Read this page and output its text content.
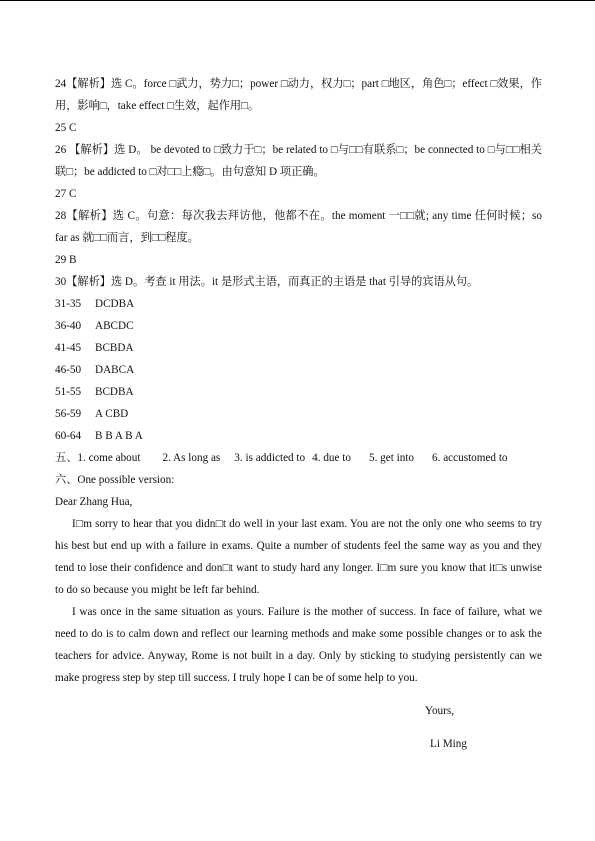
24【解析】选 C。force □武力，势力□；power □动力，权力□；part □地区，角色□；effect □效果，作用，影响□，take effect □生效，起作用□。

25 C

26 【解析】选 D。 be devoted to □致力于□；be related to □与□□有联系□；be connected to □与□□相关联□；be addicted to □对□□上瘾□。由句意知 D 项正确。

27 C

28【解析】选 C。句意：每次我去拜访他，他都不在。the moment 一□□就; any time 任何时候；so far as 就□□而言，到□□程度。

29 B

30【解析】选 D。考查 it 用法。it 是形式主语，而真正的主语是 that 引导的宾语从句。

31-35	DCDBA
36-40	ABCDC
41-45	BCBDA
46-50	DABCA
51-55	BCDBA
56-59	A CBD
60-64	B B A B A
五、 1. come about 2. As long as 3. is addicted to 4. due to 5. get into 6. accustomed to

六、One possible version:

Dear Zhang Hua,

I□m sorry to hear that you didn□t do well in your last exam. You are not the only one who seems to try his best but end up with a failure in exams. Quite a number of students feel the same way as you and they tend to lose their confidence and don□t want to study hard any longer. I□m sure you know that it□s unwise to do so because you might be left far behind.

I was once in the same situation as yours. Failure is the mother of success. In face of failure, what we need to do is to calm down and reflect our learning methods and make some possible changes or to ask the teachers for advice. Anyway, Rome is not built in a day. Only by sticking to studying persistently can we make progress step by step till success. I truly hope I can be of some help to you.

Yours,

Li Ming
